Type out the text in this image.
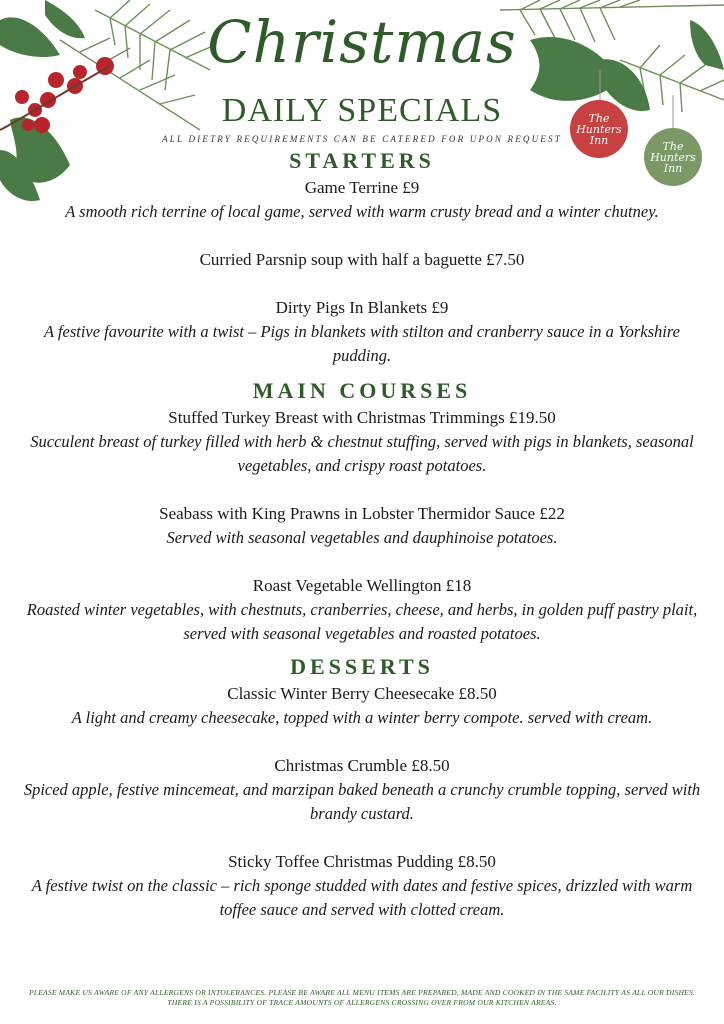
Christmas
DAILY SPECIALS
ALL DIETRY REQUIREMENTS CAN BE CATERED FOR UPON REQUEST
The Hunters Inn	The Hunters Inn
STARTERS

Game Terrine £9

A smooth rich terrine of local game, served with warm crusty bread and a winter chutney.

Curried Parsnip soup with half a baguette £7.50

Dirty Pigs In Blankets £9

A festive favourite with a twist – Pigs in blankets with stilton and cranberry sauce in a Yorkshire pudding.

MAIN COURSES

Stuffed Turkey Breast with Christmas Trimmings £19.50

Succulent breast of turkey filled with herb & chestnut stuffing, served with pigs in blankets, seasonal vegetables, and crispy roast potatoes.

Seabass with King Prawns in Lobster Thermidor Sauce £22

Served with seasonal vegetables and dauphinoise potatoes.

Roast Vegetable Wellington £18

Roasted winter vegetables, with chestnuts, cranberries, cheese, and herbs, in golden puff pastry plait, served with seasonal vegetables and roasted potatoes.

DESSERTS

Classic Winter Berry Cheesecake £8.50

A light and creamy cheesecake, topped with a winter berry compote. served with cream.

Christmas Crumble £8.50

Spiced apple, festive mincemeat, and marzipan baked beneath a crunchy crumble topping, served with brandy custard.

Sticky Toffee Christmas Pudding £8.50

A festive twist on the classic – rich sponge studded with dates and festive spices, drizzled with warm toffee sauce and served with clotted cream.

PLEASE MAKE US AWARE OF ANY ALLERGENS OR INTOLERANCES. PLEASE BE AWARE ALL MENU ITEMS ARE PREPARED, MADE AND COOKED IN THE SAME FACILITY AS ALL OUR DISHES. THERE IS A POSSIBILITY OF TRACE AMOUNTS OF ALLERGENS CROSSING OVER FROM OUR KITCHEN AREAS.
